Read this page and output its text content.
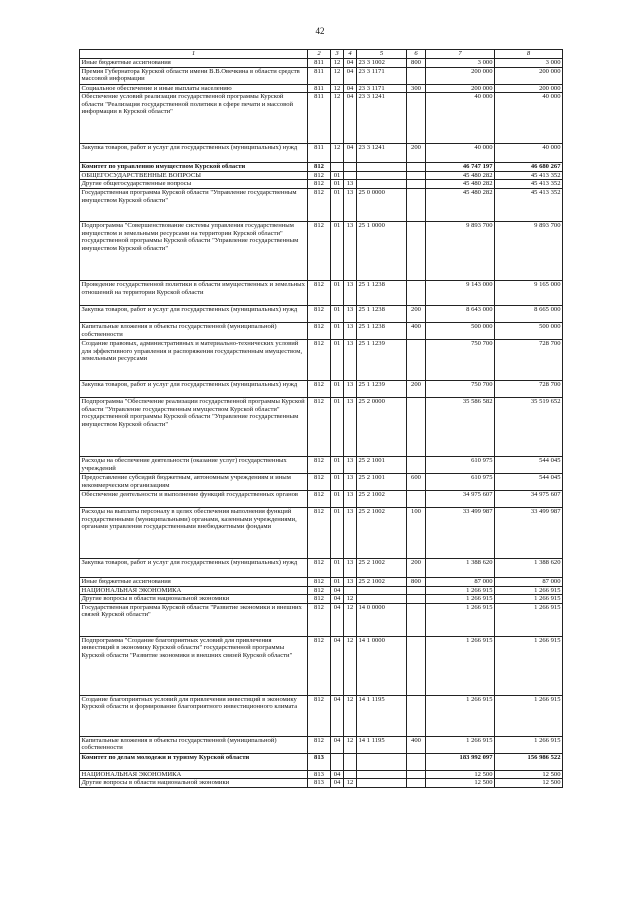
42
1	2	3	4	5	6	7	8
Иные бюджетные ассигнования	811	12	04	23 3 1002	800	3 000	3 000
Премия Губернатора Курской области имени В.В.Овечкина в области средств массовой информации	811	12	04	23 3 1171		200 000	200 000
Социальное обеспечение и иные выплаты населению	811	12	04	23 3 1171	300	200 000	200 000
Обеспечение условий реализации государственной программы Курской области "Реализация государственной политики в сфере печати и массовой информации в Курской области"	811	12	04	23 3 1241		40 000	40 000
Закупка товаров, работ и услуг для государственных (муниципальных) нужд	811	12	04	23 3 1241	200	40 000	40 000
Комитет по управлению имуществом Курской области	812					46 747 197	46 680 267
ОБЩЕГОСУДАРСТВЕННЫЕ ВОПРОСЫ	812	01				45 480 282	45 413 352
Другие общегосударственные вопросы	812	01	13			45 480 282	45 413 352
Государственная программа Курской области "Управление государственным имуществом Курской области"	812	01	13	25 0 0000		45 480 282	45 413 352
Подпрограмма "Совершенствование системы управления государственным имуществом и земельными ресурсами на территории Курской области" государственной программы Курской области "Управление государственным имуществом Курской области"	812	01	13	25 1 0000		9 893 700	9 893 700
Проведение государственной политики в области имущественных и земельных отношений на территории Курской области	812	01	13	25 1 1238		9 143 000	9 165 000
Закупка товаров, работ и услуг для государственных (муниципальных) нужд	812	01	13	25 1 1238	200	8 643 000	8 665 000
Капитальные вложения в объекты государственной (муниципальной) собственности	812	01	13	25 1 1238	400	500 000	500 000
Создание правовых, административных и материально-технических условий для эффективного управления и распоряжения государственным имуществом, земельными ресурсами	812	01	13	25 1 1239		750 700	728 700
Закупка товаров, работ и услуг для государственных (муниципальных) нужд	812	01	13	25 1 1239	200	750 700	728 700
Подпрограмма "Обеспечение реализации государственной программы Курской области "Управление государственным имуществом Курской области" государственной программы Курской области "Управление государственным имуществом Курской области"	812	01	13	25 2 0000		35 586 582	35 519 652
Расходы на обеспечение деятельности (оказание услуг) государственных учреждений	812	01	13	25 2 1001		610 975	544 045
Предоставление субсидий бюджетным, автономным учреждениям и иным некоммерческим организациям	812	01	13	25 2 1001	600	610 975	544 045
Обеспечение деятельности и выполнение функций государственных органов	812	01	13	25 2 1002		34 975 607	34 975 607
Расходы на выплаты персоналу в целях обеспечения выполнения функций государственными (муниципальными) органами, казенными учреждениями, органами управления государственными внебюджетными фондами	812	01	13	25 2 1002	100	33 499 987	33 499 987
Закупка товаров, работ и услуг для государственных (муниципальных) нужд	812	01	13	25 2 1002	200	1 388 620	1 388 620
Иные бюджетные ассигнования	812	01	13	25 2 1002	800	87 000	87 000
НАЦИОНАЛЬНАЯ ЭКОНОМИКА	812	04				1 266 915	1 266 915
Другие вопросы в области национальной экономики	812	04	12			1 266 915	1 266 915
Государственная программа Курской области "Развитие экономики и внешних связей Курской области"	812	04	12	14 0 0000		1 266 915	1 266 915
Подпрограмма "Создание благоприятных условий для привлечения инвестиций в экономику Курской области" государственной программы Курской области "Развитие экономики и внешних связей Курской области"	812	04	12	14 1 0000		1 266 915	1 266 915
Создание благоприятных условий для привлечения инвестиций в экономику Курской области и формирование благоприятного инвестиционного климата	812	04	12	14 1 1195		1 266 915	1 266 915
Капитальные вложения в объекты государственной (муниципальной) собственности	812	04	12	14 1 1195	400	1 266 915	1 266 915
Комитет по делам молодежи и туризму Курской области	813					183 992 097	156 986 522
НАЦИОНАЛЬНАЯ ЭКОНОМИКА	813	04				12 500	12 500
Другие вопросы в области национальной экономики	813	04	12			12 500	12 500
